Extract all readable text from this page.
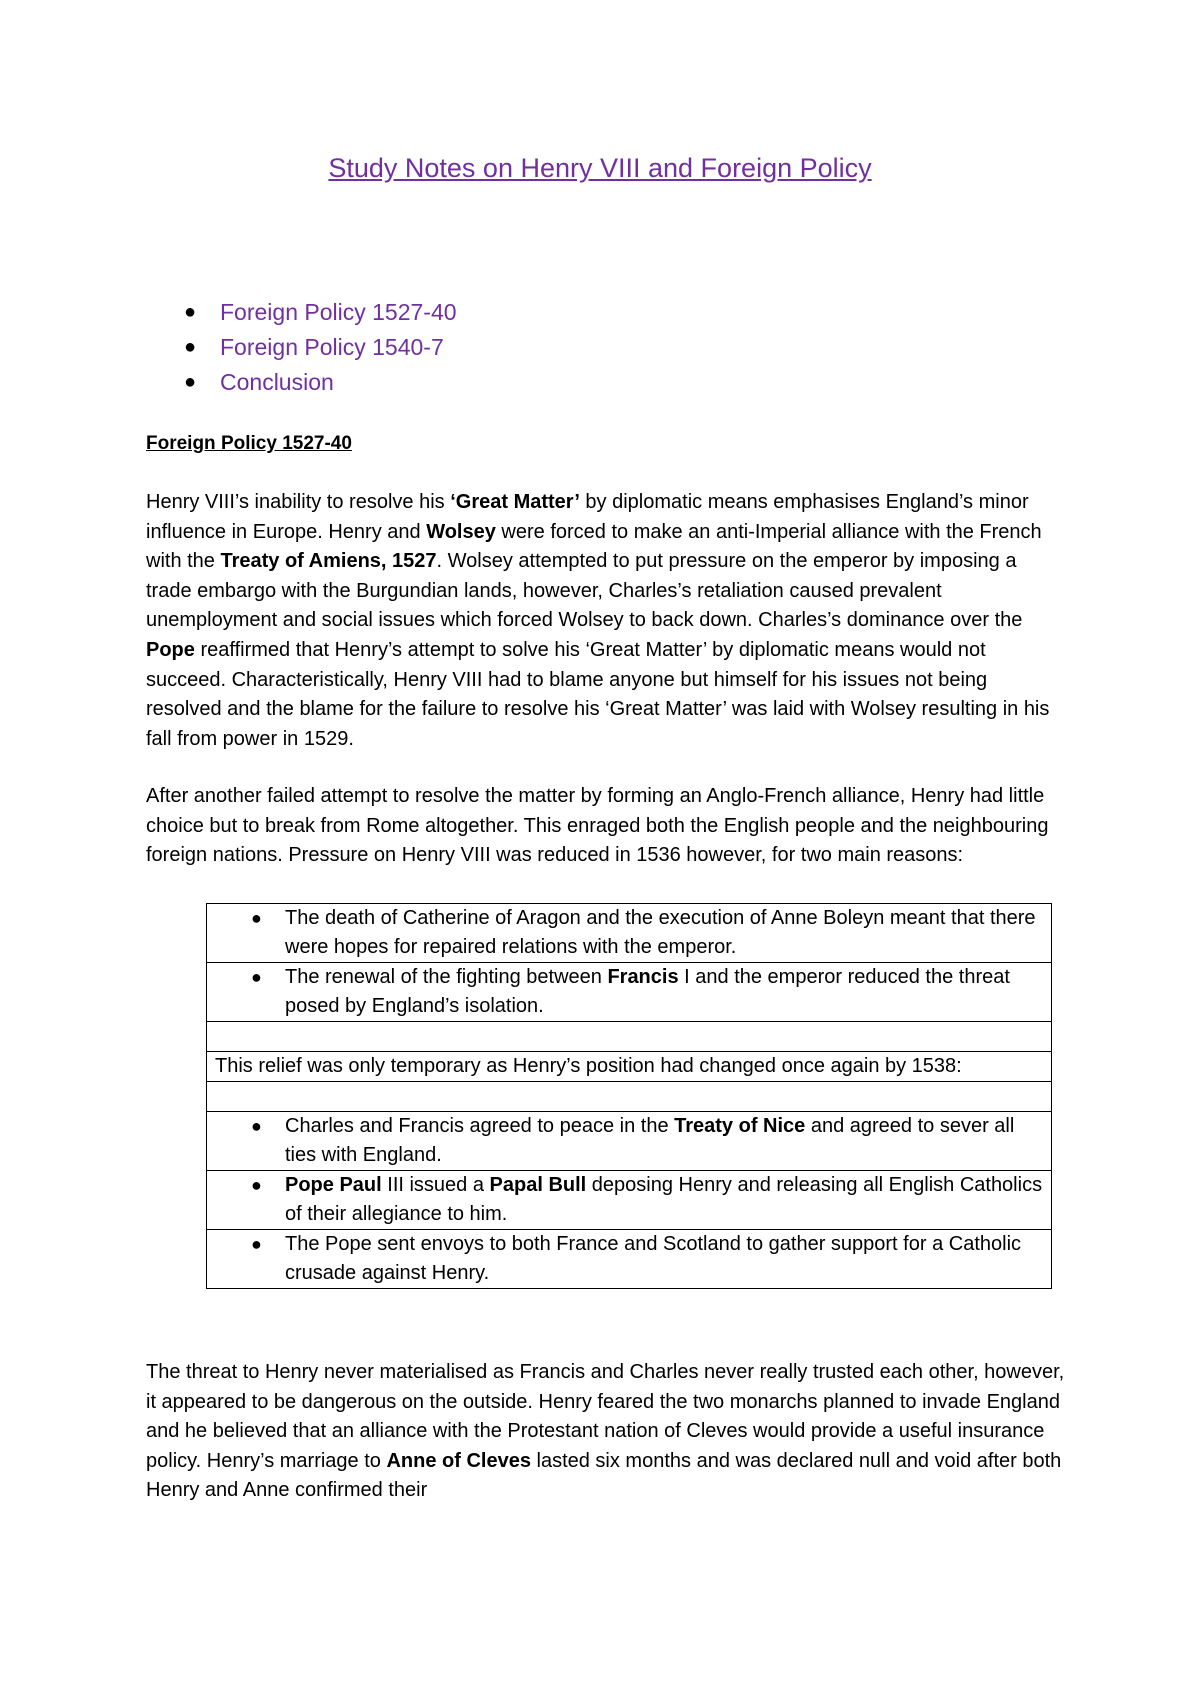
Study Notes on Henry VIII and Foreign Policy
● Foreign Policy 1527-40
● Foreign Policy 1540-7
● Conclusion
Foreign Policy 1527-40

Henry VIII’s inability to resolve his ‘Great Matter’ by diplomatic means emphasises England’s minor influence in Europe. Henry and Wolsey were forced to make an anti-Imperial alliance with the French with the Treaty of Amiens, 1527. Wolsey attempted to put pressure on the emperor by imposing a trade embargo with the Burgundian lands, however, Charles’s retaliation caused prevalent unemployment and social issues which forced Wolsey to back down. Charles’s dominance over the Pope reaffirmed that Henry’s attempt to solve his ‘Great Matter’ by diplomatic means would not succeed. Characteristically, Henry VIII had to blame anyone but himself for his issues not being resolved and the blame for the failure to resolve his ‘Great Matter’ was laid with Wolsey resulting in his fall from power in 1529.

After another failed attempt to resolve the matter by forming an Anglo-French alliance, Henry had little choice but to break from Rome altogether. This enraged both the English people and the neighbouring foreign nations. Pressure on Henry VIII was reduced in 1536 however, for two main reasons:

● The death of Catherine of Aragon and the execution of Anne Boleyn meant that there were hopes for repaired relations with the emperor.

● The renewal of the fighting between Francis I and the emperor reduced the threat posed by England’s isolation.

This relief was only temporary as Henry’s position had changed once again by 1538:

● Charles and Francis agreed to peace in the Treaty of Nice and agreed to sever all ties with England.

● Pope Paul III issued a Papal Bull deposing Henry and releasing all English Catholics of their allegiance to him.

● The Pope sent envoys to both France and Scotland to gather support for a Catholic crusade against Henry.

The threat to Henry never materialised as Francis and Charles never really trusted each other, however, it appeared to be dangerous on the outside. Henry feared the two monarchs planned to invade England and he believed that an alliance with the Protestant nation of Cleves would provide a useful insurance policy. Henry’s marriage to Anne of Cleves lasted six months and was declared null and void after both Henry and Anne confirmed their
